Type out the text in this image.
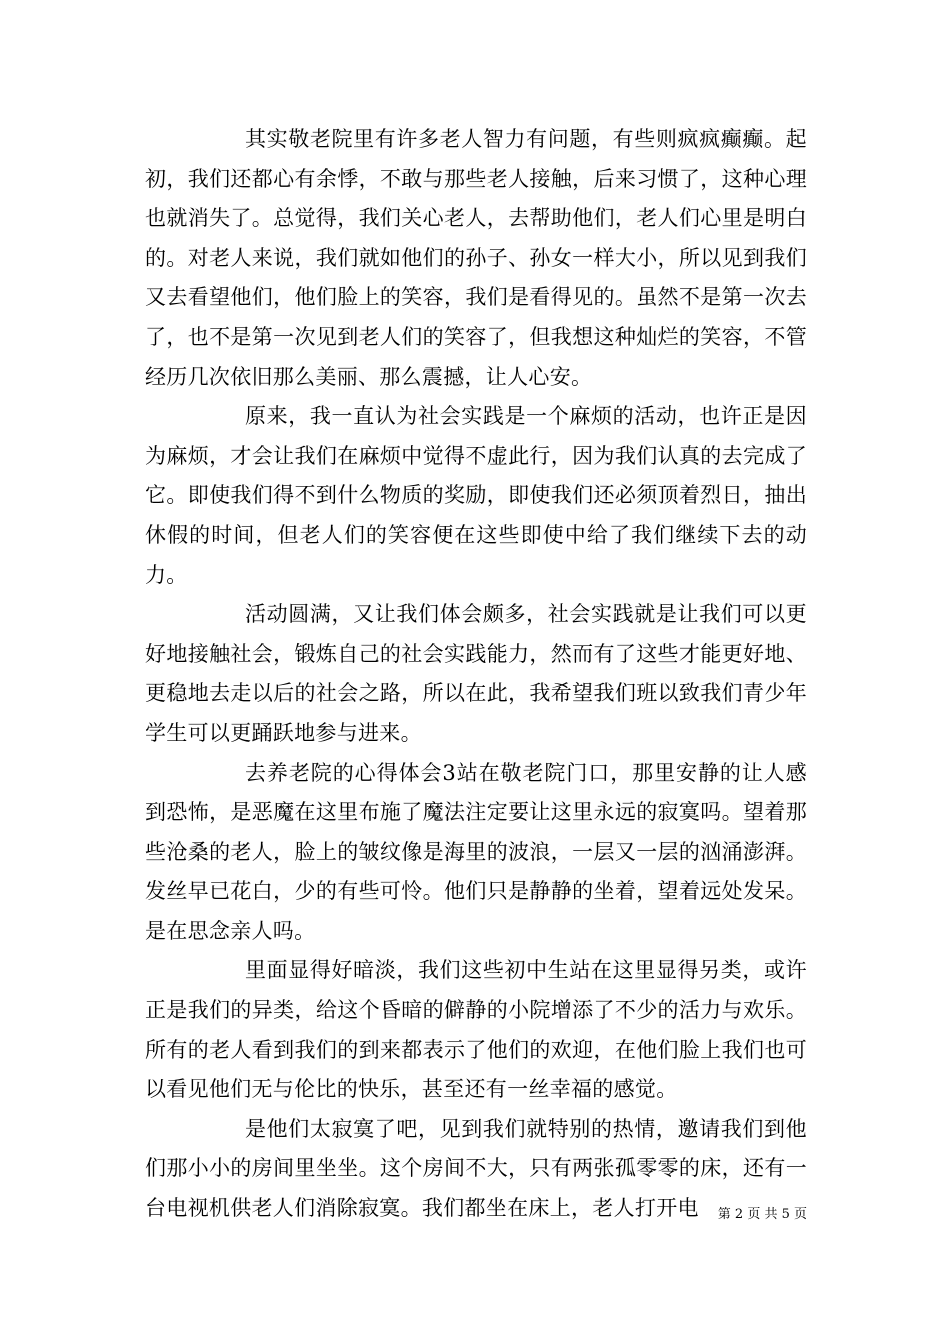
其实敬老院里有许多老人智力有问题，有些则疯疯癫癫。起初，我们还都心有余悸，不敢与那些老人接触，后来习惯了，这种心理也就消失了。总觉得，我们关心老人，去帮助他们，老人们心里是明白的。对老人来说，我们就如他们的孙子、孙女一样大小，所以见到我们又去看望他们，他们脸上的笑容，我们是看得见的。虽然不是第一次去了，也不是第一次见到老人们的笑容了，但我想这种灿烂的笑容，不管经历几次依旧那么美丽、那么震撼，让人心安。

原来，我一直认为社会实践是一个麻烦的活动，也许正是因为麻烦，才会让我们在麻烦中觉得不虚此行，因为我们认真的去完成了它。即使我们得不到什么物质的奖励，即使我们还必须顶着烈日，抽出休假的时间，但老人们的笑容便在这些即使中给了我们继续下去的动力。

活动圆满，又让我们体会颇多，社会实践就是让我们可以更好地接触社会，锻炼自己的社会实践能力，然而有了这些才能更好地、更稳地去走以后的社会之路，所以在此，我希望我们班以致我们青少年学生可以更踊跃地参与进来。

去养老院的心得体会3站在敬老院门口，那里安静的让人感到恐怖，是恶魔在这里布施了魔法注定要让这里永远的寂寞吗。望着那些沧桑的老人，脸上的皱纹像是海里的波浪，一层又一层的汹涌澎湃。发丝早已花白，少的有些可怜。他们只是静静的坐着，望着远处发呆。是在思念亲人吗。

里面显得好暗淡，我们这些初中生站在这里显得另类，或许正是我们的异类，给这个昏暗的僻静的小院增添了不少的活力与欢乐。所有的老人看到我们的到来都表示了他们的欢迎，在他们脸上我们也可以看见他们无与伦比的快乐，甚至还有一丝幸福的感觉。

是他们太寂寞了吧，见到我们就特别的热情，邀请我们到他们那小小的房间里坐坐。这个房间不大，只有两张孤零零的床，还有一台电视机供老人们消除寂寞。我们都坐在床上，老人打开电	第 2 页 共 5 页
